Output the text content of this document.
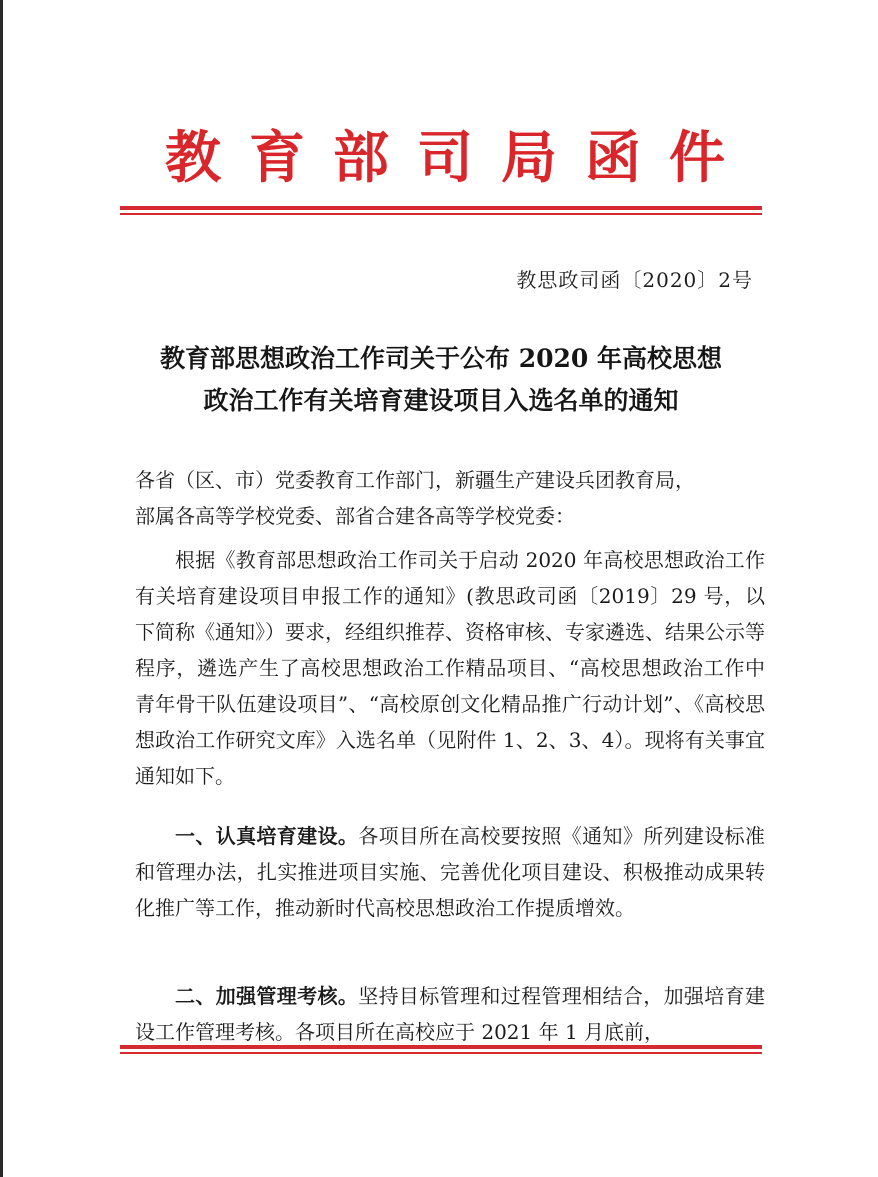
教 育 部 司 局 函 件
教思政司函〔2020〕2号
教育部思想政治工作司关于公布 2020 年高校思想
政治工作有关培育建设项目入选名单的通知
各省（区、市）党委教育工作部门，新疆生产建设兵团教育局，
部属各高等学校党委、部省合建各高等学校党委：
根据《教育部思想政治工作司关于启动 2020 年高校思想政治工作有关培育建设项目申报工作的通知》(教思政司函〔2019〕29 号，以下简称《通知》）要求，经组织推荐、资格审核、专家遴选、结果公示等程序，遴选产生了高校思想政治工作精品项目、“高校思想政治工作中青年骨干队伍建设项目”、“高校原创文化精品推广行动计划”、《高校思想政治工作研究文库》入选名单（见附件 1、2、3、4）。现将有关事宜通知如下。
一、认真培育建设。各项目所在高校要按照《通知》所列建设标准和管理办法，扎实推进项目实施、完善优化项目建设、积极推动成果转化推广等工作，推动新时代高校思想政治工作提质增效。
二、加强管理考核。坚持目标管理和过程管理相结合，加强培育建设工作管理考核。各项目所在高校应于 2021 年 1 月底前，
